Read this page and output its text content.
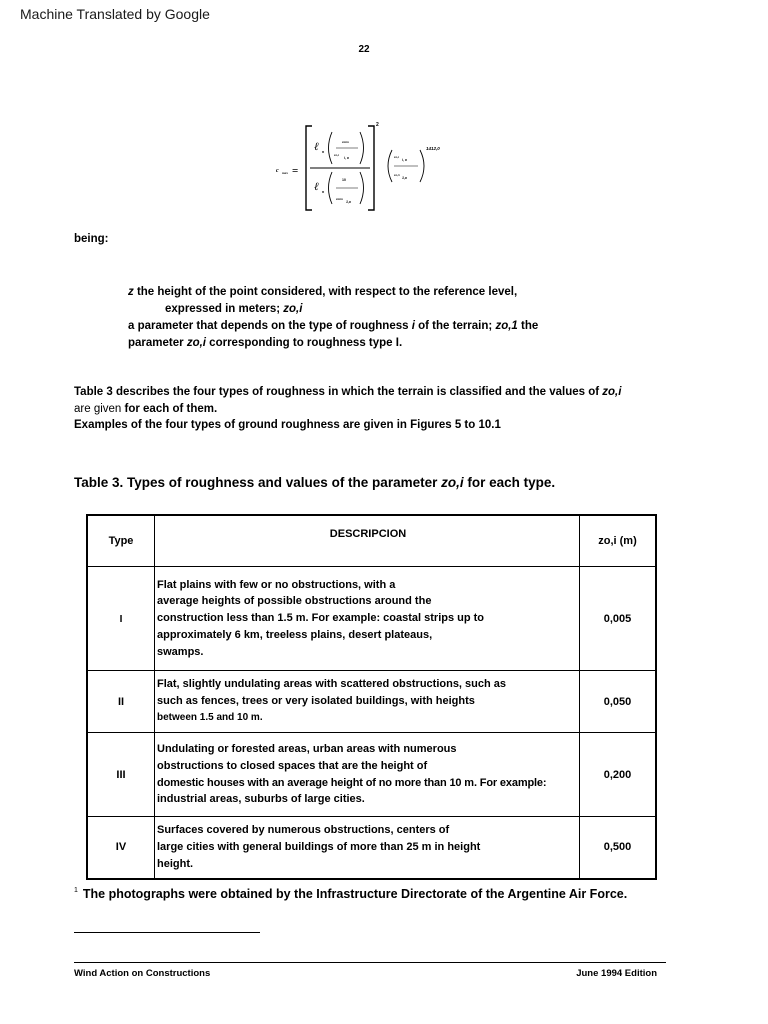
Machine Translated by Google
22
c mex =
2
ℓ n
ℓ n
zmin
zo,i
i, o
10
zmin
1,o
zo,i
i, o
zo,1
1,o
1412,0
being:
z the height of the point considered, with respect to the reference level,
expressed in meters; zo,i
a parameter that depends on the type of roughness i of the terrain; zo,1 the
parameter zo,i corresponding to roughness type I.
Table 3 describes the four types of roughness in which the terrain is classified and the values of zo,i
are given for each of them.
Examples of the four types of ground roughness are given in Figures 5 to 10.1
Table 3. Types of roughness and values of the parameter zo,i for each type.
Type	DESCRIPCION	zo,i (m)
I	Flat plains with few or no obstructions, with a
average heights of possible obstructions around the
construction less than 1.5 m. For example: coastal strips up to
approximately 6 km, treeless plains, desert plateaus,
swamps.	0,005
II	Flat, slightly undulating areas with scattered obstructions, such as
such as fences, trees or very isolated buildings, with heights
between 1.5 and 10 m.	0,050
III	Undulating or forested areas, urban areas with numerous
obstructions to closed spaces that are the height of
domestic houses with an average height of no more than 10 m. For example:
industrial areas, suburbs of large cities.	0,200
IV	Surfaces covered by numerous obstructions, centers of
large cities with general buildings of more than 25 m in height
height.	0,500
$^1$ The photographs were obtained by the Infrastructure Directorate of the Argentine Air Force.
Wind Action on Constructions	June 1994 Edition
